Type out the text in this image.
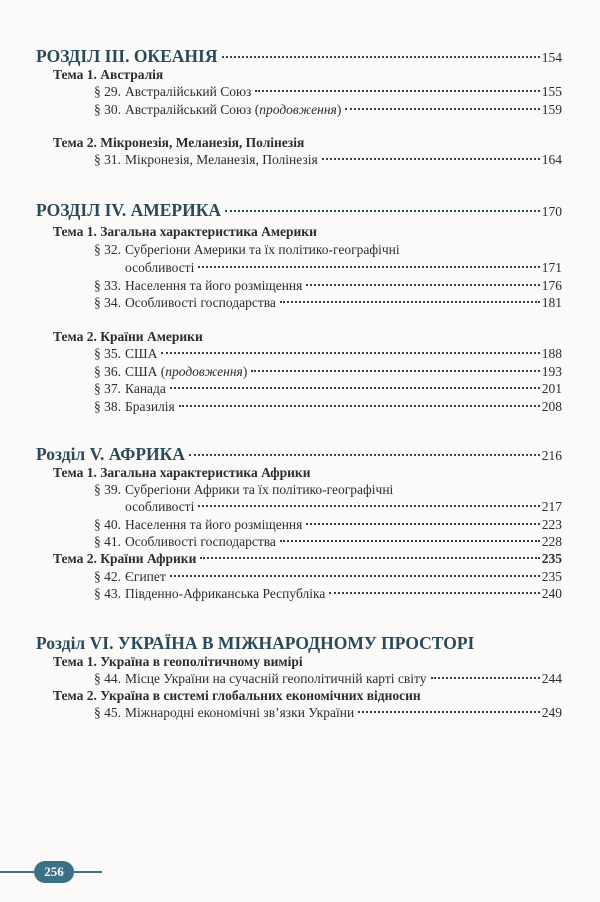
РОЗДІЛ ІІІ. ОКЕАНІЯ	154
Тема 1. Австралія
§ 29. Австралійський Союз	155
§ 30. Австралійський Союз (продовження)	159
Тема 2. Мікронезія, Меланезія, Полінезія
§ 31. Мікронезія, Меланезія, Полінезія	164
РОЗДІЛ IV. АМЕРИКА	170
Тема 1. Загальна характеристика Америки
§ 32. Субрегіони Америки та їх політико-географічні
особливості	171
§ 33. Населення та його розміщення	176
§ 34. Особливості господарства	181
Тема 2. Країни Америки
§ 35. США	188
§ 36. США (продовження)	193
§ 37. Канада	201
§ 38. Бразилія	208
Розділ V. АФРИКА	216
Тема 1. Загальна характеристика Африки
§ 39. Субрегіони Африки та їх політико-географічні
особливості	217
§ 40. Населення та його розміщення	223
§ 41. Особливості господарства	228
Тема 2. Країни Африки	235
§ 42. Єгипет	235
§ 43. Південно-Африканська Республіка	240
Розділ VІ. УКРАЇНА В МІЖНАРОДНОМУ ПРОСТОРІ
Тема 1. Україна в геополітичному вимірі
§ 44. Місце України на сучасній геополітичній карті світу	244
Тема 2. Україна в системі глобальних економічних відносин
§ 45. Міжнародні економічні зв’язки України	249
256
